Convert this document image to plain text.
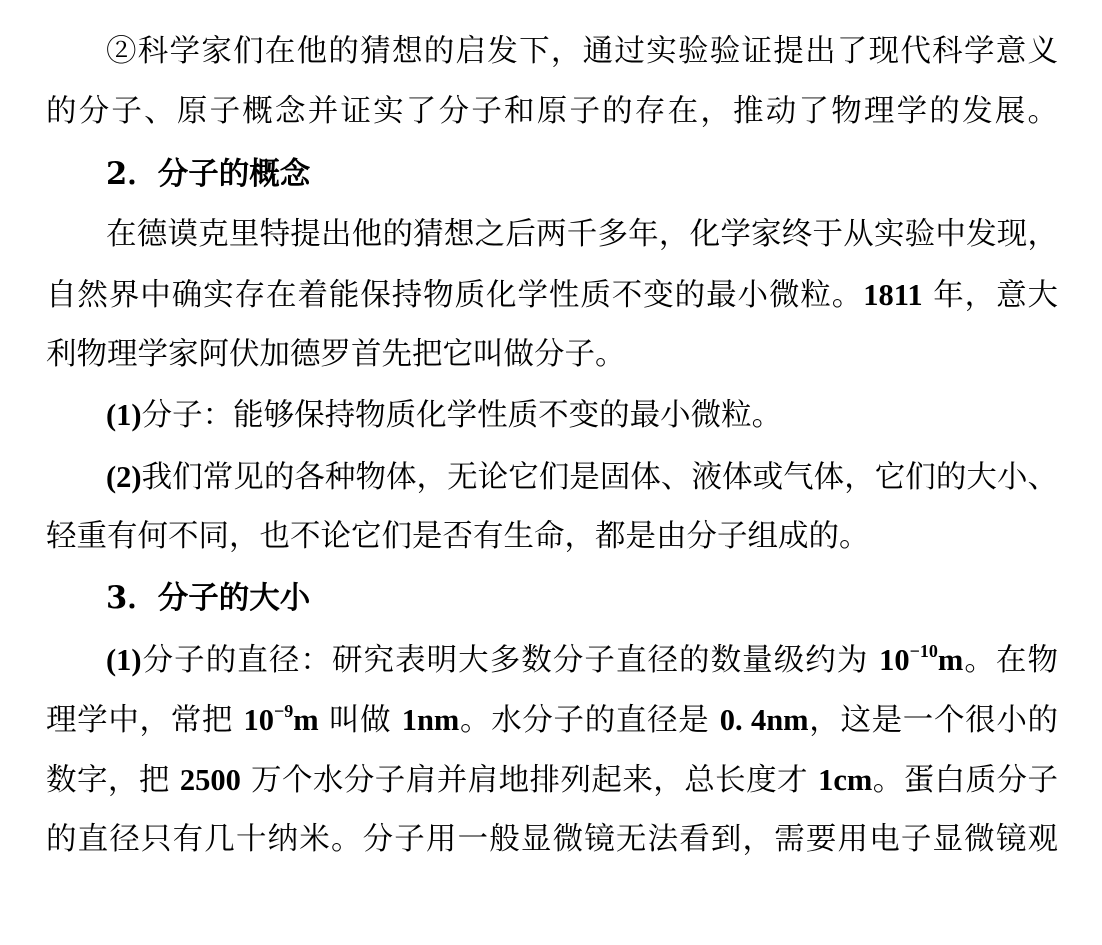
②科学家们在他的猜想的启发下，通过实验验证提出了现代科学意义
的分子、原子概念并证实了分子和原子的存在，推动了物理学的发展。
2．分子的概念
在德谟克里特提出他的猜想之后两千多年，化学家终于从实验中发现，
自然界中确实存在着能保持物质化学性质不变的最小微粒。1811 年，意大
利物理学家阿伏加德罗首先把它叫做分子。
(1)分子：能够保持物质化学性质不变的最小微粒。
(2)我们常见的各种物体，无论它们是固体、液体或气体，它们的大小、
轻重有何不同，也不论它们是否有生命，都是由分子组成的。
3．分子的大小
(1)分子的直径：研究表明大多数分子直径的数量级约为 $10^{-10}m$。在物
理学中，常把 $10^{-9}m$ 叫做 1nm。水分子的直径是 0. 4nm，这是一个很小的
数字，把 2500 万个水分子肩并肩地排列起来，总长度才 1cm。蛋白质分子
的直径只有几十纳米。分子用一般显微镜无法看到，需要用电子显微镜观
